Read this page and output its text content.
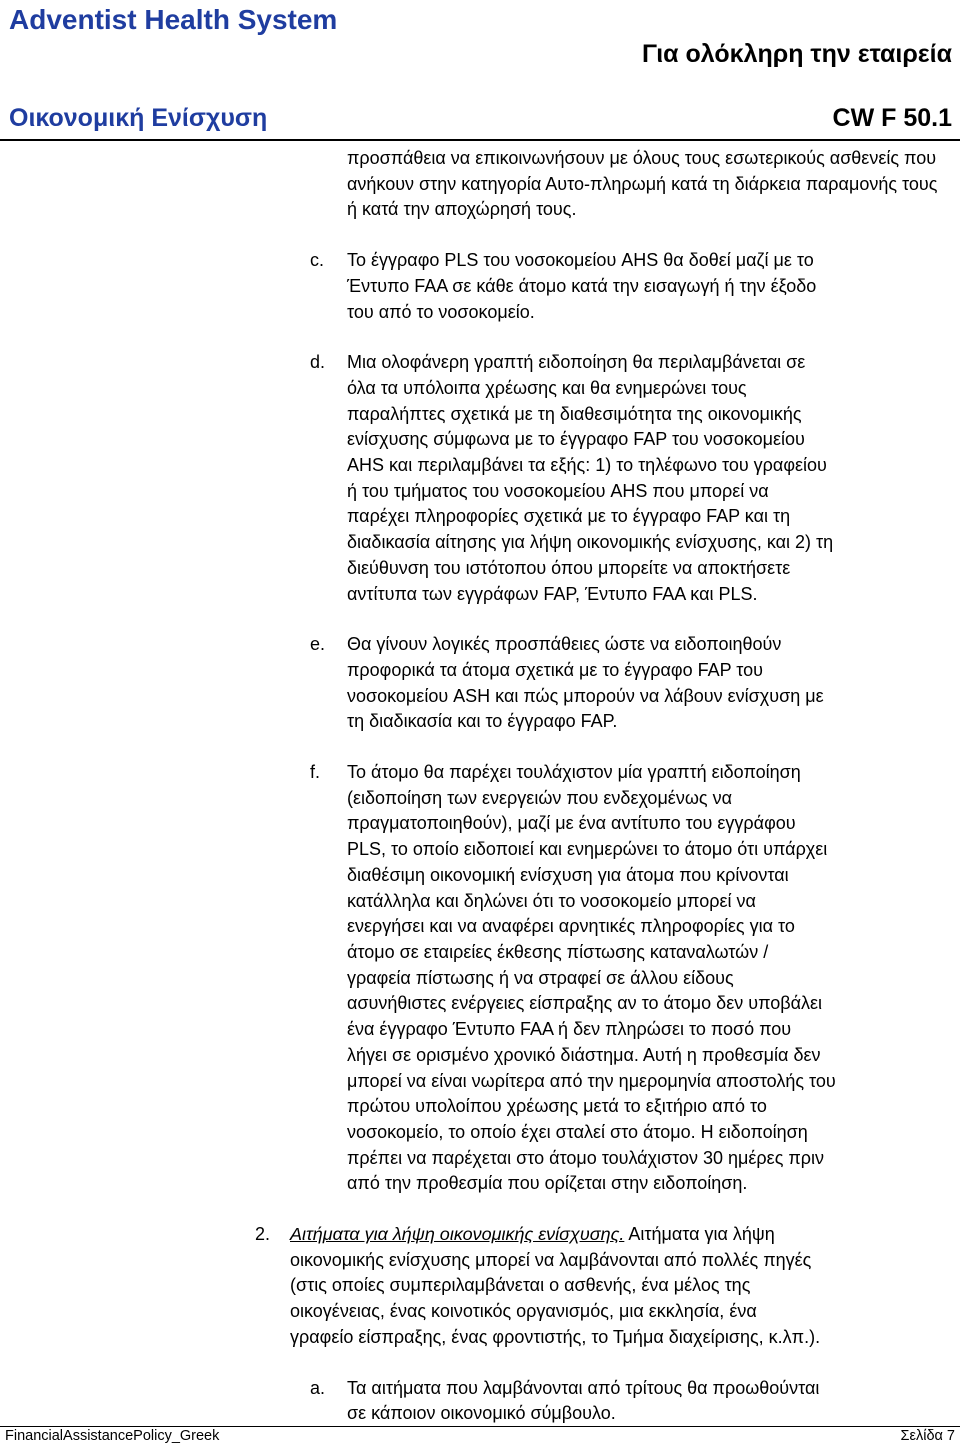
Adventist Health System
Για ολόκληρη την εταιρεία
Οικονομική Ενίσχυση	CW F 50.1
προσπάθεια να επικοινωνήσουν με όλους τους εσωτερικούς ασθενείς που ανήκουν στην κατηγορία Αυτο-πληρωμή κατά τη διάρκεια παραμονής τους ή κατά την αποχώρησή τους.
c. Το έγγραφο PLS του νοσοκομείου AHS θα δοθεί μαζί με το
Έντυπο FAA σε κάθε άτομο κατά την εισαγωγή ή την έξοδο
του από το νοσοκομείο.
d. Μια ολοφάνερη γραπτή ειδοποίηση θα περιλαμβάνεται σε
όλα τα υπόλοιπα χρέωσης και θα ενημερώνει τους
παραλήπτες σχετικά με τη διαθεσιμότητα της οικονομικής
ενίσχυσης σύμφωνα με το έγγραφο FAP του νοσοκομείου
AHS και περιλαμβάνει τα εξής: 1) το τηλέφωνο του γραφείου
ή του τμήματος του νοσοκομείου AHS που μπορεί να
παρέχει πληροφορίες σχετικά με το έγγραφο FAP και τη
διαδικασία αίτησης για λήψη οικονομικής ενίσχυσης, και 2) τη
διεύθυνση του ιστότοπου όπου μπορείτε να αποκτήσετε
αντίτυπα των εγγράφων FAP, Έντυπο FAA και PLS.
e. Θα γίνουν λογικές προσπάθειες ώστε να ειδοποιηθούν
προφορικά τα άτομα σχετικά με το έγγραφο FAP του
νοσοκομείου ASH και πώς μπορούν να λάβουν ενίσχυση με
τη διαδικασία και το έγγραφο FAP.
f. Το άτομο θα παρέχει τουλάχιστον μία γραπτή ειδοποίηση
(ειδοποίηση των ενεργειών που ενδεχομένως να
πραγματοποιηθούν), μαζί με ένα αντίτυπο του εγγράφου
PLS, το οποίο ειδοποιεί και ενημερώνει το άτομο ότι υπάρχει
διαθέσιμη οικονομική ενίσχυση για άτομα που κρίνονται
κατάλληλα και δηλώνει ότι το νοσοκομείο μπορεί να
ενεργήσει και να αναφέρει αρνητικές πληροφορίες για το
άτομο σε εταιρείες έκθεσης πίστωσης καταναλωτών /
γραφεία πίστωσης ή να στραφεί σε άλλου είδους
ασυνήθιστες ενέργειες είσπραξης αν το άτομο δεν υποβάλει
ένα έγγραφο Έντυπο FAA ή δεν πληρώσει το ποσό που
λήγει σε ορισμένο χρονικό διάστημα. Αυτή η προθεσμία δεν
μπορεί να είναι νωρίτερα από την ημερομηνία αποστολής του
πρώτου υπολοίπου χρέωσης μετά το εξιτήριο από το
νοσοκομείο, το οποίο έχει σταλεί στο άτομο. Η ειδοποίηση
πρέπει να παρέχεται στο άτομο τουλάχιστον 30 ημέρες πριν
από την προθεσμία που ορίζεται στην ειδοποίηση.
2. Αιτήματα για λήψη οικονομικής ενίσχυσης. Αιτήματα για λήψη
οικονομικής ενίσχυσης μπορεί να λαμβάνονται από πολλές πηγές
(στις οποίες συμπεριλαμβάνεται ο ασθενής, ένα μέλος της
οικογένειας, ένας κοινοτικός οργανισμός, μια εκκλησία, ένα
γραφείο είσπραξης, ένας φροντιστής, το Τμήμα διαχείρισης, κ.λπ.).
a. Τα αιτήματα που λαμβάνονται από τρίτους θα προωθούνται
σε κάποιον οικονομικό σύμβουλο.
FinancialAssistancePolicy_Greek	Σελίδα 7
